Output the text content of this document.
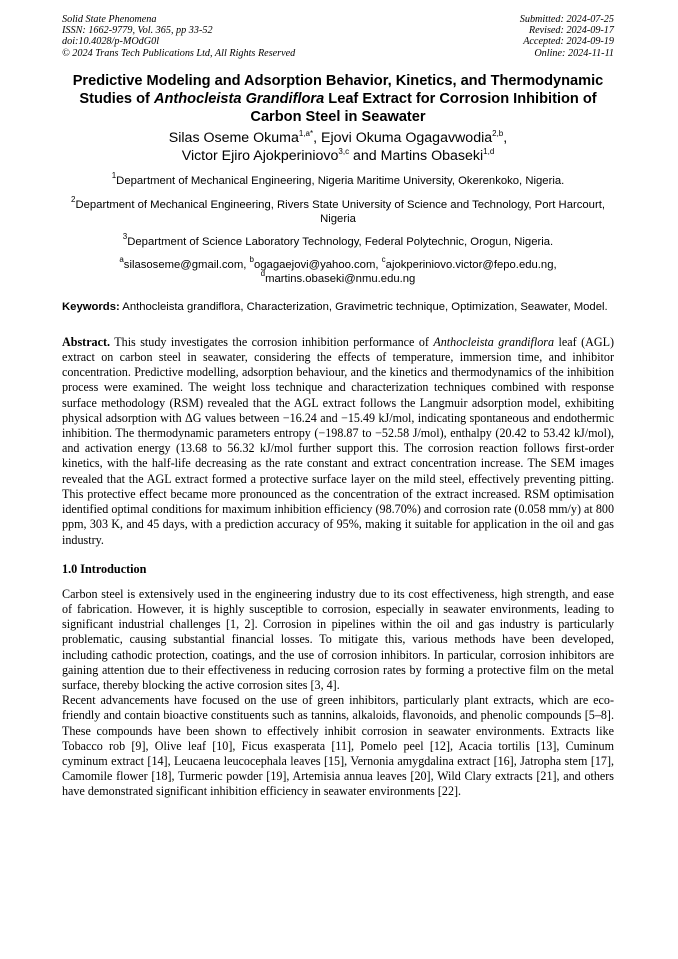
Solid State Phenomena
ISSN: 1662-9779, Vol. 365, pp 33-52
doi:10.4028/p-MOdG0l
© 2024 Trans Tech Publications Ltd, All Rights Reserved
Submitted: 2024-07-25
Revised: 2024-09-17
Accepted: 2024-09-19
Online: 2024-11-11
Predictive Modeling and Adsorption Behavior, Kinetics, and Thermodynamic Studies of Anthocleista Grandiflora Leaf Extract for Corrosion Inhibition of Carbon Steel in Seawater
Silas Oseme Okuma$^{1,a*}$, Ejovi Okuma Ogagavwodia$^{2,b}$,
Victor Ejiro Ajokperiniovo$^{3,c}$ and Martins Obaseki$^{1,d}$
$^1$Department of Mechanical Engineering, Nigeria Maritime University, Okerenkoko, Nigeria.
$^2$Department of Mechanical Engineering, Rivers State University of Science and Technology, Port Harcourt, Nigeria
$^3$Department of Science Laboratory Technology, Federal Polytechnic, Orogun, Nigeria.
$^a$silasoseme@gmail.com, $^b$ogagaejovi@yahoo.com, $^c$ajokperiniovo.victor@fepo.edu.ng,
$^d$martins.obaseki@nmu.edu.ng
Keywords: Anthocleista grandiflora, Characterization, Gravimetric technique, Optimization, Seawater, Model.
Abstract. This study investigates the corrosion inhibition performance of Anthocleista grandiflora leaf (AGL) extract on carbon steel in seawater, considering the effects of temperature, immersion time, and inhibitor concentration. Predictive modelling, adsorption behaviour, and the kinetics and thermodynamics of the inhibition process were examined. The weight loss technique and characterization techniques combined with response surface methodology (RSM) revealed that the AGL extract follows the Langmuir adsorption model, exhibiting physical adsorption with ΔG values between −16.24 and −15.49 kJ/mol, indicating spontaneous and endothermic inhibition. The thermodynamic parameters entropy (−198.87 to −52.58 J/mol), enthalpy (20.42 to 53.42 kJ/mol), and activation energy (13.68 to 56.32 kJ/mol further support this. The corrosion reaction follows first-order kinetics, with the half-life decreasing as the rate constant and extract concentration increase. The SEM images revealed that the AGL extract formed a protective surface layer on the mild steel, effectively preventing pitting. This protective effect became more pronounced as the concentration of the extract increased. RSM optimisation identified optimal conditions for maximum inhibition efficiency (98.70%) and corrosion rate (0.058 mm/y) at 800 ppm, 303 K, and 45 days, with a prediction accuracy of 95%, making it suitable for application in the oil and gas industry.
1.0 Introduction
Carbon steel is extensively used in the engineering industry due to its cost effectiveness, high strength, and ease of fabrication. However, it is highly susceptible to corrosion, especially in seawater environments, leading to significant industrial challenges [1, 2]. Corrosion in pipelines within the oil and gas industry is particularly problematic, causing substantial financial losses. To mitigate this, various methods have been developed, including cathodic protection, coatings, and the use of corrosion inhibitors. In particular, corrosion inhibitors are gaining attention due to their effectiveness in reducing corrosion rates by forming a protective film on the metal surface, thereby blocking the active corrosion sites [3, 4].
Recent advancements have focused on the use of green inhibitors, particularly plant extracts, which are eco-friendly and contain bioactive constituents such as tannins, alkaloids, flavonoids, and phenolic compounds [5–8]. These compounds have been shown to effectively inhibit corrosion in seawater environments. Extracts like Tobacco rob [9], Olive leaf [10], Ficus exasperata [11], Pomelo peel [12], Acacia tortilis [13], Cuminum cyminum extract [14], Leucaena leucocephala leaves [15], Vernonia amygdalina extract [16], Jatropha stem [17], Camomile flower [18], Turmeric powder [19], Artemisia annua leaves [20], Wild Clary extracts [21], and others have demonstrated significant inhibition efficiency in seawater environments [22].
